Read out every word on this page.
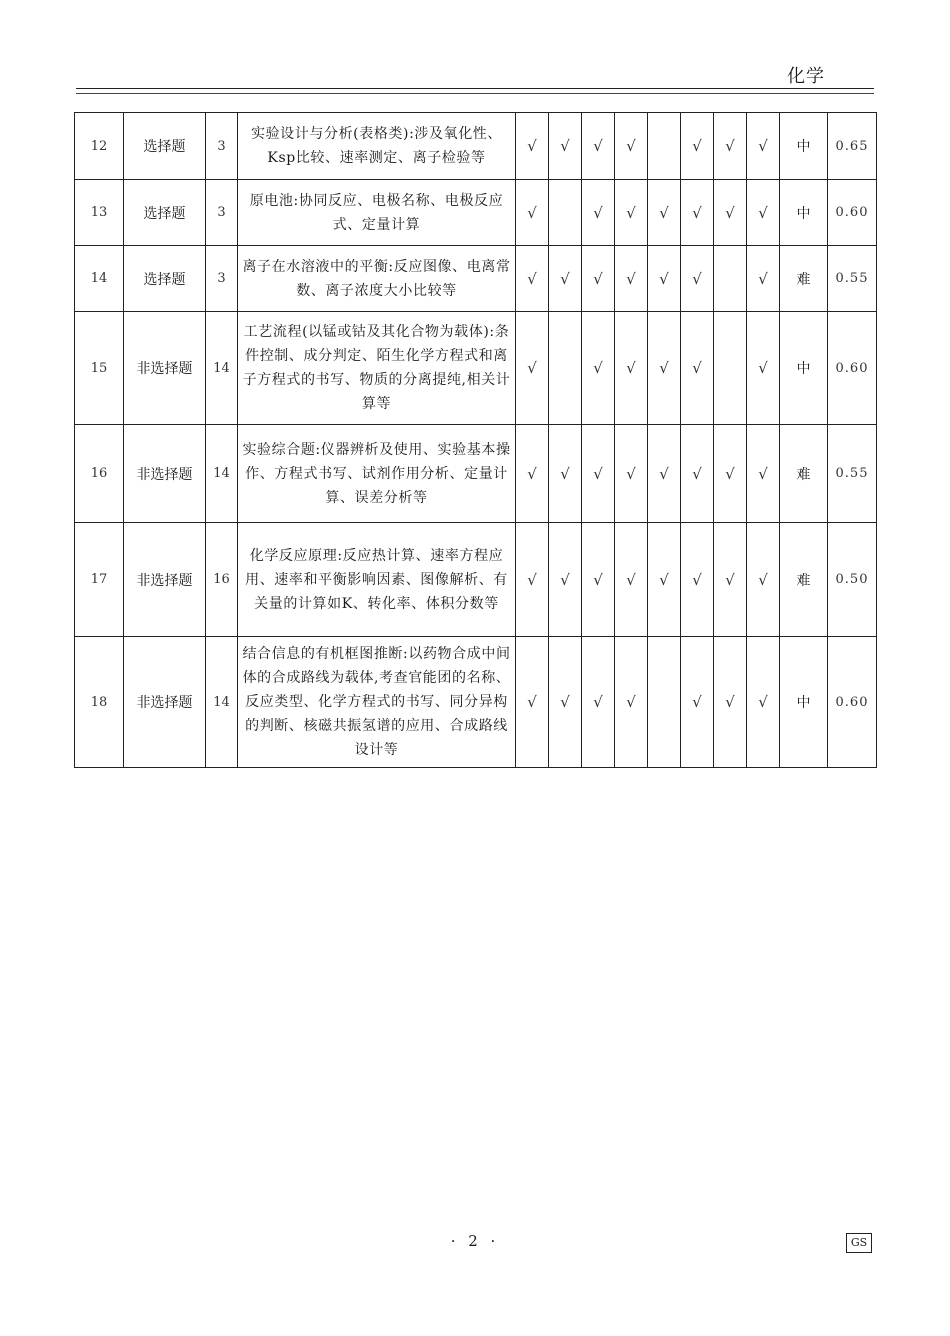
化学
12	选择题	3	实验设计与分析(表格类):涉及氧化性、Ksp比较、速率测定、离子检验等	√	√	√	√		√	√	√	中	0.65
13	选择题	3	原电池:协同反应、电极名称、电极反应式、定量计算	√		√	√	√	√	√	√	中	0.60
14	选择题	3	离子在水溶液中的平衡:反应图像、电离常数、离子浓度大小比较等	√	√	√	√	√	√		√	难	0.55
15	非选择题	14	工艺流程(以锰或钴及其化合物为载体):条件控制、成分判定、陌生化学方程式和离子方程式的书写、物质的分离提纯,相关计算等	√		√	√	√	√		√	中	0.60
16	非选择题	14	实验综合题:仪器辨析及使用、实验基本操作、方程式书写、试剂作用分析、定量计算、误差分析等	√	√	√	√	√	√	√	√	难	0.55
17	非选择题	16	化学反应原理:反应热计算、速率方程应用、速率和平衡影响因素、图像解析、有关量的计算如K、转化率、体积分数等	√	√	√	√	√	√	√	√	难	0.50
18	非选择题	14	结合信息的有机框图推断:以药物合成中间体的合成路线为载体,考查官能团的名称、反应类型、化学方程式的书写、同分异构的判断、核磁共振氢谱的应用、合成路线设计等	√	√	√	√		√	√	√	中	0.60
· 2 ·	GS
